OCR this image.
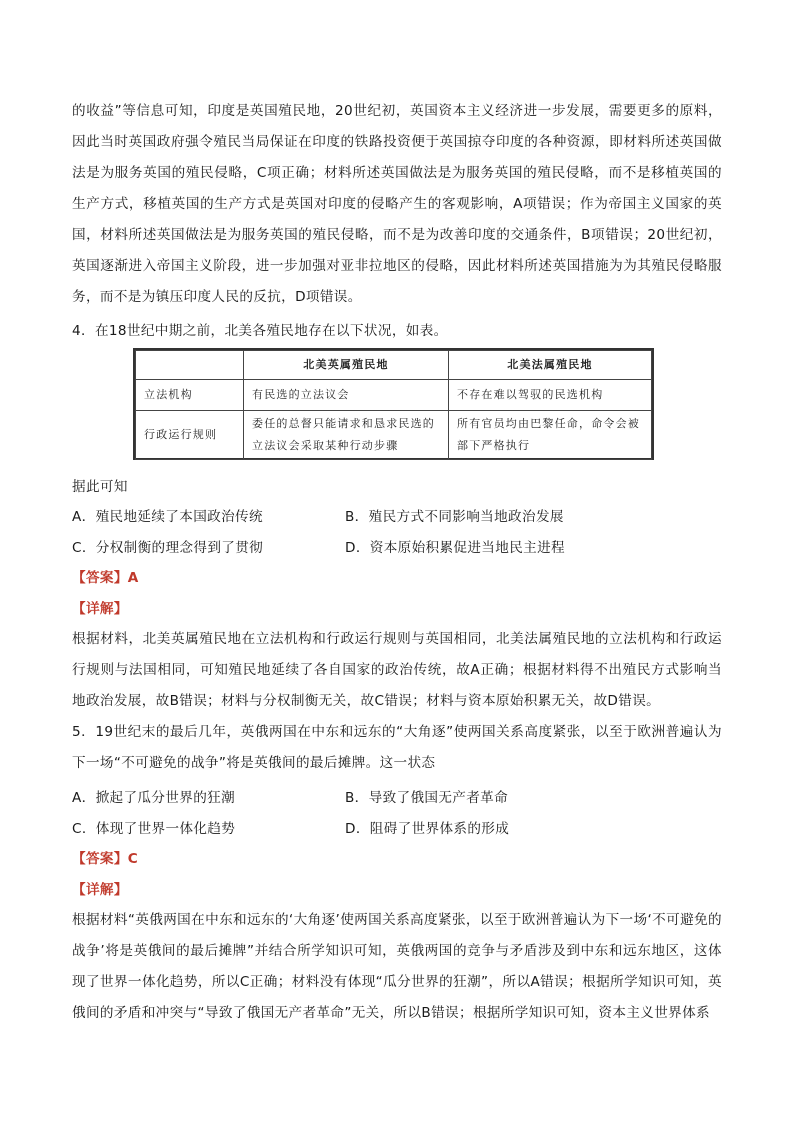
的收益”等信息可知，印度是英国殖民地，20世纪初，英国资本主义经济进一步发展，需要更多的原料，因此当时英国政府强令殖民当局保证在印度的铁路投资便于英国掠夺印度的各种资源，即材料所述英国做法是为服务英国的殖民侵略，C项正确；材料所述英国做法是为服务英国的殖民侵略，而不是移植英国的生产方式，移植英国的生产方式是英国对印度的侵略产生的客观影响，A项错误；作为帝国主义国家的英国，材料所述英国做法是为服务英国的殖民侵略，而不是为改善印度的交通条件，B项错误；20世纪初，英国逐渐进入帝国主义阶段，进一步加强对亚非拉地区的侵略，因此材料所述英国措施为为其殖民侵略服务，而不是为镇压印度人民的反抗，D项错误。

4．在18世纪中期之前，北美各殖民地存在以下状况，如表。
	北美英属殖民地	北美法属殖民地
立法机构	有民选的立法议会	不存在难以驾驭的民选机构
行政运行规则	委任的总督只能请求和恳求民选的立法议会采取某种行动步骤	所有官员均由巴黎任命，命令会被部下严格执行
据此可知
A．殖民地延续了本国政治传统	B．殖民方式不同影响当地政治发展
C．分权制衡的理念得到了贯彻	D．资本原始积累促进当地民主进程
【答案】A
【详解】

根据材料，北美英属殖民地在立法机构和行政运行规则与英国相同，北美法属殖民地的立法机构和行政运行规则与法国相同，可知殖民地延续了各自国家的政治传统，故A正确；根据材料得不出殖民方式影响当地政治发展，故B错误；材料与分权制衡无关，故C错误；材料与资本原始积累无关，故D错误。

5．19世纪末的最后几年，英俄两国在中东和远东的“大角逐”使两国关系高度紧张，以至于欧洲普遍认为下一场“不可避免的战争”将是英俄间的最后摊牌。这一状态

A．掀起了瓜分世界的狂潮	B．导致了俄国无产者革命
C．体现了世界一体化趋势	D．阻碍了世界体系的形成
【答案】C
【详解】

根据材料“英俄两国在中东和远东的‘大角逐’使两国关系高度紧张，以至于欧洲普遍认为下一场‘不可避免的战争’将是英俄间的最后摊牌”并结合所学知识可知，英俄两国的竞争与矛盾涉及到中东和远东地区，这体现了世界一体化趋势，所以C正确；材料没有体现“瓜分世界的狂潮”，所以A错误；根据所学知识可知，英俄间的矛盾和冲突与“导致了俄国无产者革命”无关，所以B错误；根据所学知识可知，资本主义世界体系
